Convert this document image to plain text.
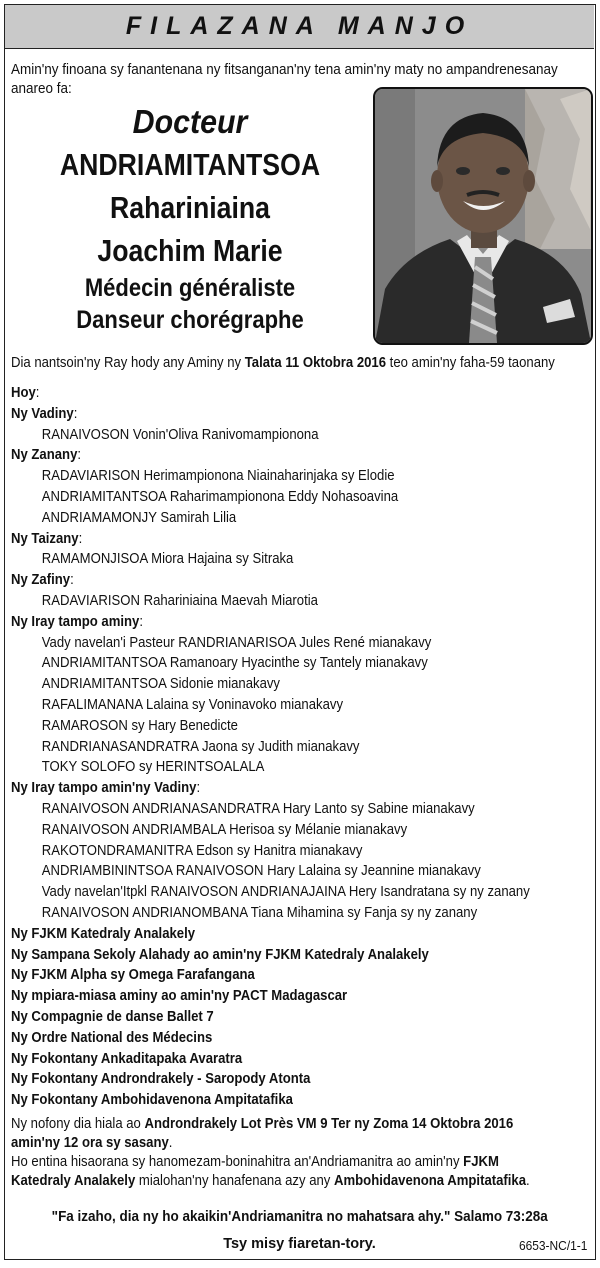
FILAZANA MANJO
Amin'ny finoana sy fanantenana ny fitsanganan'ny tena amin'ny maty no ampandrenesanay
anareo fa:
Docteur
ANDRIAMITANTSOA
Rahariniaina
Joachim Marie
Médecin généraliste
Danseur chorégraphe
Dia nantsoin'ny Ray hody any Aminy ny Talata 11 Oktobra 2016 teo amin'ny faha-59 taonany
Hoy:
Ny Vadiny:
RANAIVOSON Vonin'Oliva Ranivomampionona
Ny Zanany:
RADAVIARISON Herimampionona Niainaharinjaka sy Elodie
ANDRIAMITANTSOA Raharimampionona Eddy Nohasoavina
ANDRIAMAMONJY Samirah Lilia
Ny Taizany:
RAMAMONJISOA Miora Hajaina sy Sitraka
Ny Zafiny:
RADAVIARISON Rahariniaina Maevah Miarotia
Ny Iray tampo aminy:
Vady navelan'i Pasteur RANDRIANARISOA Jules René mianakavy
ANDRIAMITANTSOA Ramanoary Hyacinthe sy Tantely mianakavy
ANDRIAMITANTSOA Sidonie mianakavy
RAFALIMANANA Lalaina sy Voninavoko mianakavy
RAMAROSON sy Hary Benedicte
RANDRIANASANDRATRA Jaona sy Judith mianakavy
TOKY SOLOFO sy HERINTSOALALA
Ny Iray tampo amin'ny Vadiny:
RANAIVOSON ANDRIANASANDRATRA Hary Lanto sy Sabine mianakavy
RANAIVOSON ANDRIAMBALA Herisoa sy Mélanie mianakavy
RAKOTONDRAMANITRA Edson sy Hanitra mianakavy
ANDRIAMBININTSOA RANAIVOSON Hary Lalaina sy Jeannine mianakavy
Vady navelan'Itpkl RANAIVOSON ANDRIANAJAINA Hery Isandratana sy ny zanany
RANAIVOSON ANDRIANOMBANA Tiana Mihamina sy Fanja sy ny zanany
Ny FJKM Katedraly Analakely
Ny Sampana Sekoly Alahady ao amin'ny FJKM Katedraly Analakely
Ny FJKM Alpha sy Omega Farafangana
Ny mpiara-miasa aminy ao amin'ny PACT Madagascar
Ny Compagnie de danse Ballet 7
Ny Ordre National des Médecins
Ny Fokontany Ankaditapaka Avaratra
Ny Fokontany Androndrakely - Saropody Atonta
Ny Fokontany Ambohidavenona Ampitatafika
Ny nofony dia hiala ao Androndrakely Lot Près VM 9 Ter ny Zoma 14 Oktobra 2016
amin'ny 12 ora sy sasany.
Ho entina hisaorana sy hanomezam-boninahitra an'Andriamanitra ao amin'ny FJKM
Katedraly Analakely mialohan'ny hanafenana azy any Ambohidavenona Ampitatafika.
"Fa izaho, dia ny ho akaikin'Andriamanitra no mahatsara ahy." Salamo 73:28a
Tsy misy fiaretan-tory.	6653-NC/1-1
